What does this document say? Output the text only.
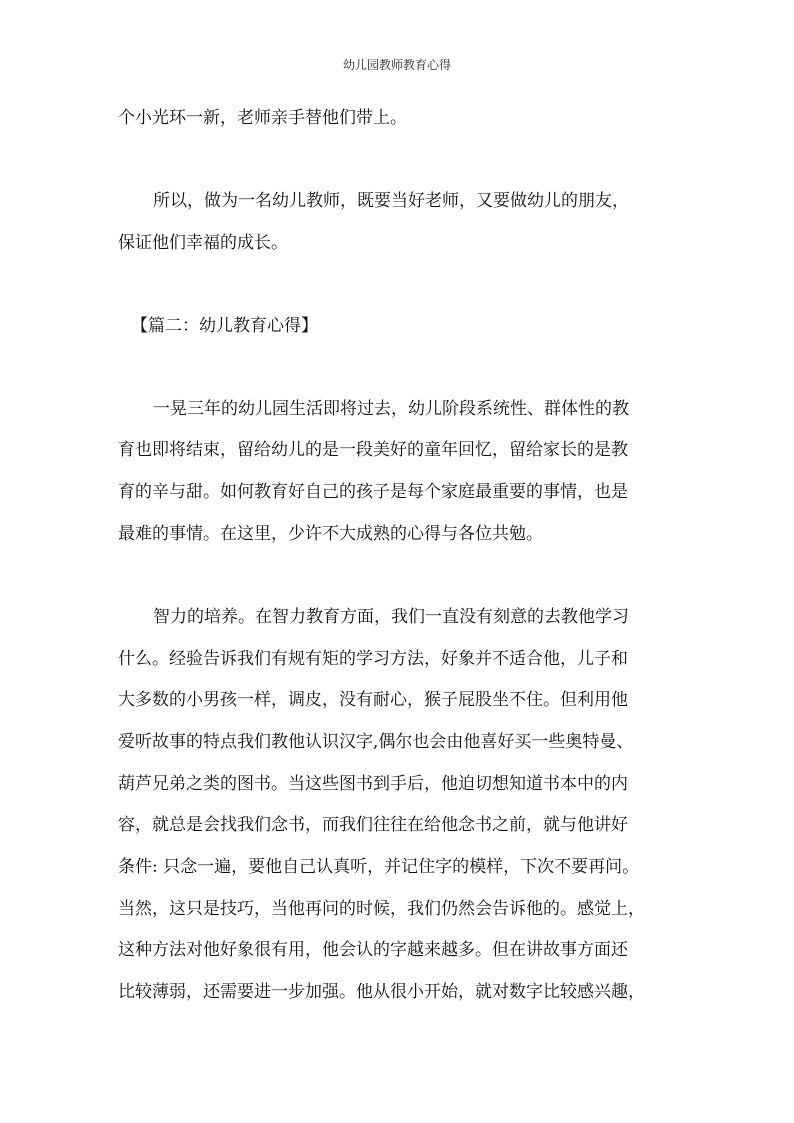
幼儿园教师教育心得
个小光环一新，老师亲手替他们带上。
所以，做为一名幼儿教师，既要当好老师，又要做幼儿的朋友，
保证他们幸福的成长。
【篇二：幼儿教育心得】
一晃三年的幼儿园生活即将过去，幼儿阶段系统性、群体性的教
育也即将结束，留给幼儿的是一段美好的童年回忆，留给家长的是教
育的辛与甜。如何教育好自己的孩子是每个家庭最重要的事情，也是
最难的事情。在这里，少许不大成熟的心得与各位共勉。
智力的培养。在智力教育方面，我们一直没有刻意的去教他学习
什么。经验告诉我们有规有矩的学习方法，好象并不适合他，儿子和
大多数的小男孩一样，调皮，没有耐心，猴子屁股坐不住。但利用他
爱听故事的特点我们教他认识汉字,偶尔也会由他喜好买一些奥特曼、
葫芦兄弟之类的图书。当这些图书到手后，他迫切想知道书本中的内
容，就总是会找我们念书，而我们往往在给他念书之前，就与他讲好
条件: 只念一遍，要他自己认真听，并记住字的模样，下次不要再问。
当然，这只是技巧，当他再问的时候，我们仍然会告诉他的。感觉上，
这种方法对他好象很有用，他会认的字越来越多。但在讲故事方面还
比较薄弱，还需要进一步加强。他从很小开始，就对数字比较感兴趣，
